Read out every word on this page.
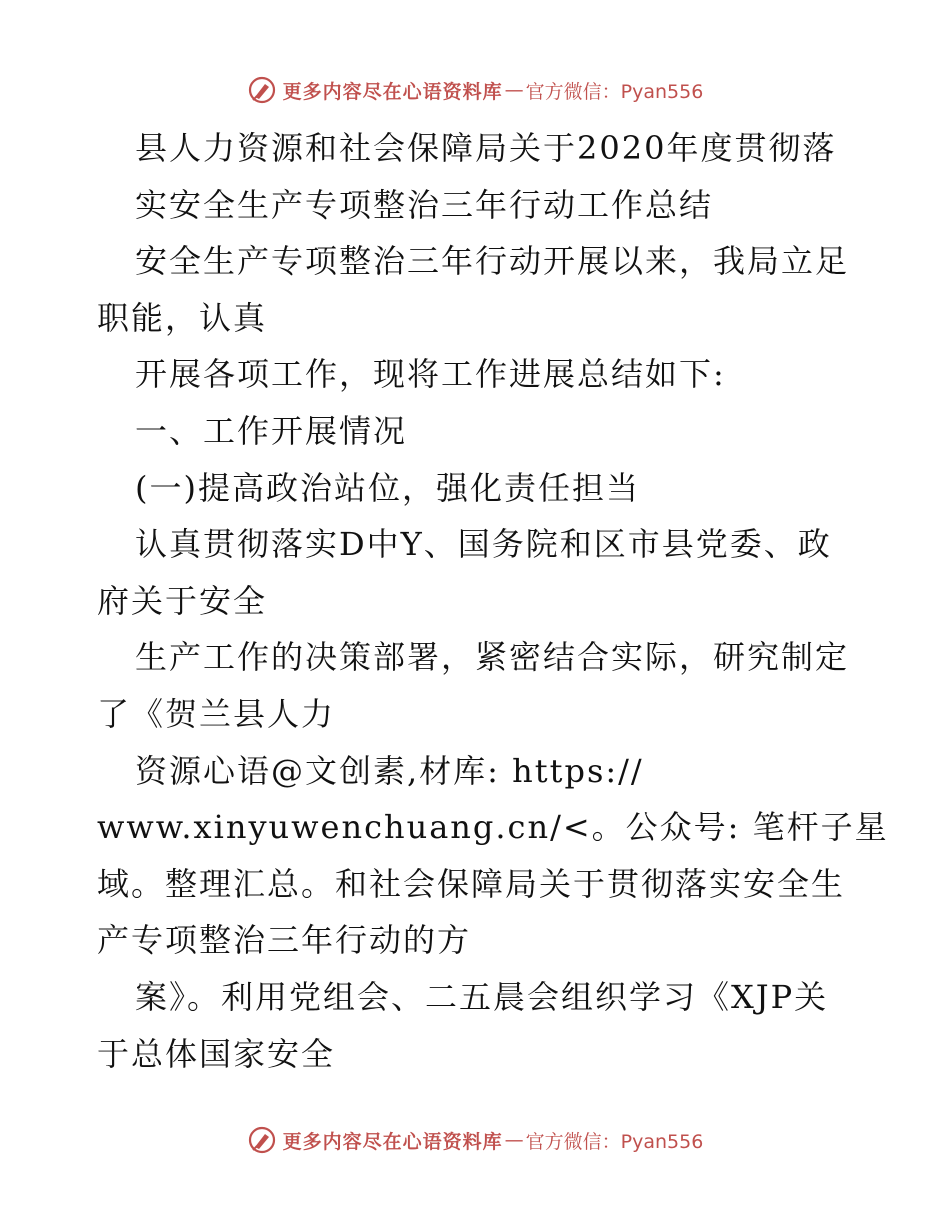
更多内容尽在心语资料库 — 官方微信：Pyan556
县人力资源和社会保障局关于2020年度贯彻落
实安全生产专项整治三年行动工作总结
安全生产专项整治三年行动开展以来，我局立足
职能，认真
开展各项工作，现将工作进展总结如下:
一、工作开展情况
(一)提高政治站位，强化责任担当
认真贯彻落实D中Y、国务院和区市县党委、政
府关于安全
生产工作的决策部署，紧密结合实际，研究制定
了《贺兰县人力
资源心语@文创素,材库: https://
www.xinyuwenchuang.cn/<。公众号: 笔杆子星
域。整理汇总。和社会保障局关于贯彻落实安全生
产专项整治三年行动的方
案》。利用党组会、二五晨会组织学习《XJP关
于总体国家安全
更多内容尽在心语资料库 — 官方微信：Pyan556
